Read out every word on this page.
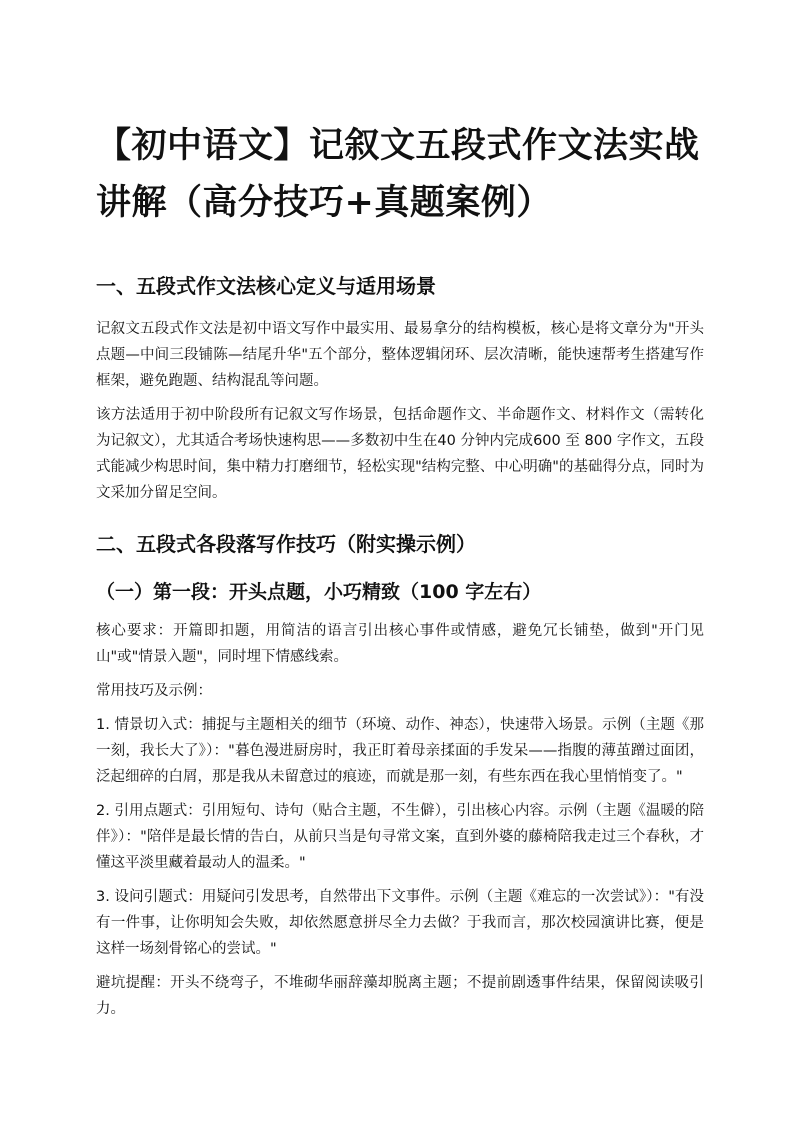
【初中语文】记叙文五段式作文法实战讲解（高分技巧+真题案例）
一、五段式作文法核心定义与适用场景
记叙文五段式作文法是初中语文写作中最实用、最易拿分的结构模板，核心是将文章分为"开头点题—中间三段铺陈—结尾升华"五个部分，整体逻辑闭环、层次清晰，能快速帮考生搭建写作框架，避免跑题、结构混乱等问题。
该方法适用于初中阶段所有记叙文写作场景，包括命题作文、半命题作文、材料作文（需转化为记叙文），尤其适合考场快速构思——多数初中生在40 分钟内完成600 至 800 字作文，五段式能减少构思时间，集中精力打磨细节，轻松实现"结构完整、中心明确"的基础得分点，同时为文采加分留足空间。
二、五段式各段落写作技巧（附实操示例）
（一）第一段：开头点题，小巧精致（100 字左右）
核心要求：开篇即扣题，用简洁的语言引出核心事件或情感，避免冗长铺垫，做到"开门见山"或"情景入题"，同时埋下情感线索。
常用技巧及示例：
1. 情景切入式：捕捉与主题相关的细节（环境、动作、神态），快速带入场景。示例（主题《那一刻，我长大了》）："暮色漫进厨房时，我正盯着母亲揉面的手发呆——指腹的薄茧蹭过面团，泛起细碎的白屑，那是我从未留意过的痕迹，而就是那一刻，有些东西在我心里悄悄变了。"
2. 引用点题式：引用短句、诗句（贴合主题，不生僻），引出核心内容。示例（主题《温暖的陪伴》）："陪伴是最长情的告白，从前只当是句寻常文案，直到外婆的藤椅陪我走过三个春秋，才懂这平淡里藏着最动人的温柔。"
3. 设问引题式：用疑问引发思考，自然带出下文事件。示例（主题《难忘的一次尝试》）："有没有一件事，让你明知会失败，却依然愿意拼尽全力去做？于我而言，那次校园演讲比赛，便是这样一场刻骨铭心的尝试。"
避坑提醒：开头不绕弯子，不堆砌华丽辞藻却脱离主题；不提前剧透事件结果，保留阅读吸引力。
